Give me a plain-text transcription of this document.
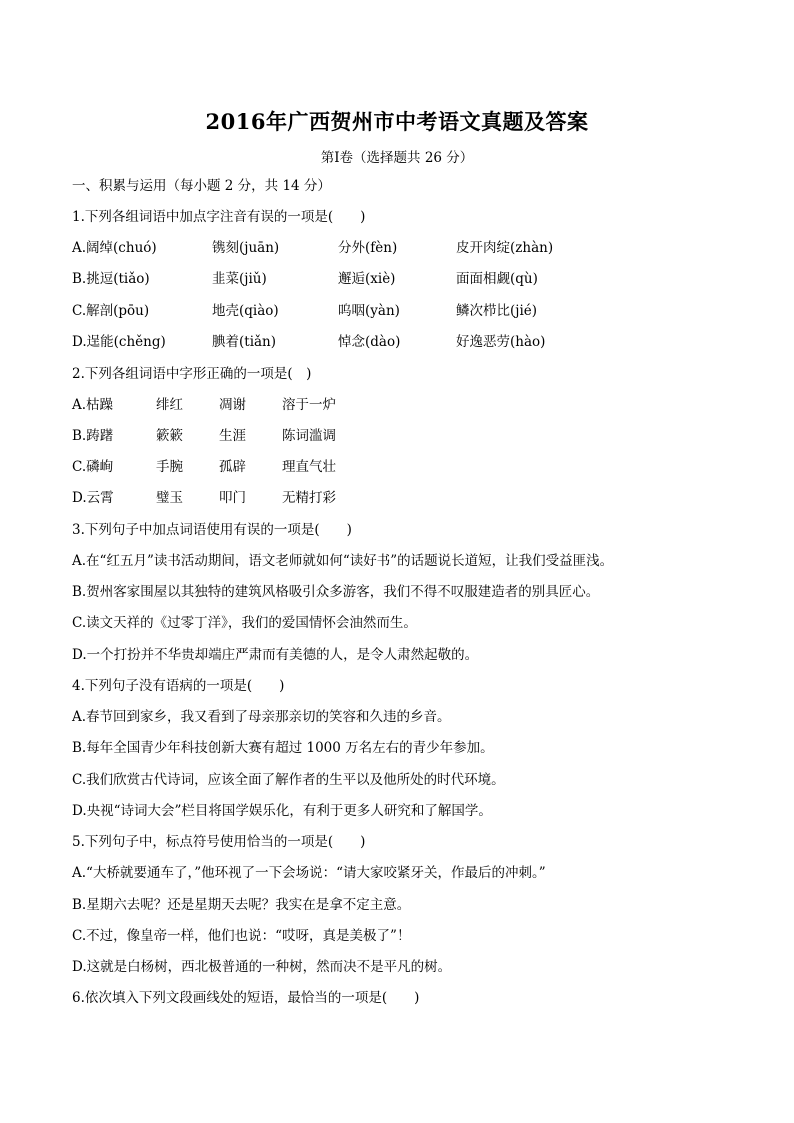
2016年广西贺州市中考语文真题及答案
第Ⅰ卷（选择题共 26 分）
一、积累与运用（每小题 2 分，共 14 分）
1.下列各组词语中加点字注音有误的一项是(　　)
A.阔绰(chuó)	镌刻(juān)	分外(fèn)	皮开肉绽(zhàn)
B.挑逗(tiǎo)	韭菜(jiǔ)	邂逅(xiè)	面面相觑(qù)
C.解剖(pōu)	地壳(qiào)	呜咽(yàn)	鳞次栉比(jié)
D.逞能(chěng)	腆着(tiǎn)	悼念(dào)	好逸恶劳(hào)
2.下列各组词语中字形正确的一项是(　)
A.枯躁	绯红	凋谢	溶于一炉
B.踌躇	簌簌	生涯	陈词滥调
C.磷峋	手腕	孤辟	理直气壮
D.云霄	璧玉	叩门	无精打彩
3.下列句子中加点词语使用有误的一项是(　　)
A.在“红五月”读书活动期间，语文老师就如何“读好书”的话题说长道短，让我们受益匪浅。
B.贺州客家围屋以其独特的建筑风格吸引众多游客，我们不得不叹服建造者的别具匠心。
C.读文天祥的《过零丁洋》，我们的爱国情怀会油然而生。
D.一个打扮并不华贵却端庄严肃而有美德的人，是令人肃然起敬的。
4.下列句子没有语病的一项是(　　)
A.春节回到家乡，我又看到了母亲那亲切的笑容和久违的乡音。
B.每年全国青少年科技创新大赛有超过 1000 万名左右的青少年参加。
C.我们欣赏古代诗词，应该全面了解作者的生平以及他所处的时代环境。
D.央视“诗词大会”栏目将国学娱乐化，有利于更多人研究和了解国学。
5.下列句子中，标点符号使用恰当的一项是(　　)
A.“大桥就要通车了，”他环视了一下会场说：“请大家咬紧牙关，作最后的冲刺。”
B.星期六去呢？还是星期天去呢？我实在是拿不定主意。
C.不过，像皇帝一样，他们也说：“哎呀，真是美极了”！
D.这就是白杨树，西北极普通的一种树，然而决不是平凡的树。
6.依次填入下列文段画线处的短语，最恰当的一项是(　　)
